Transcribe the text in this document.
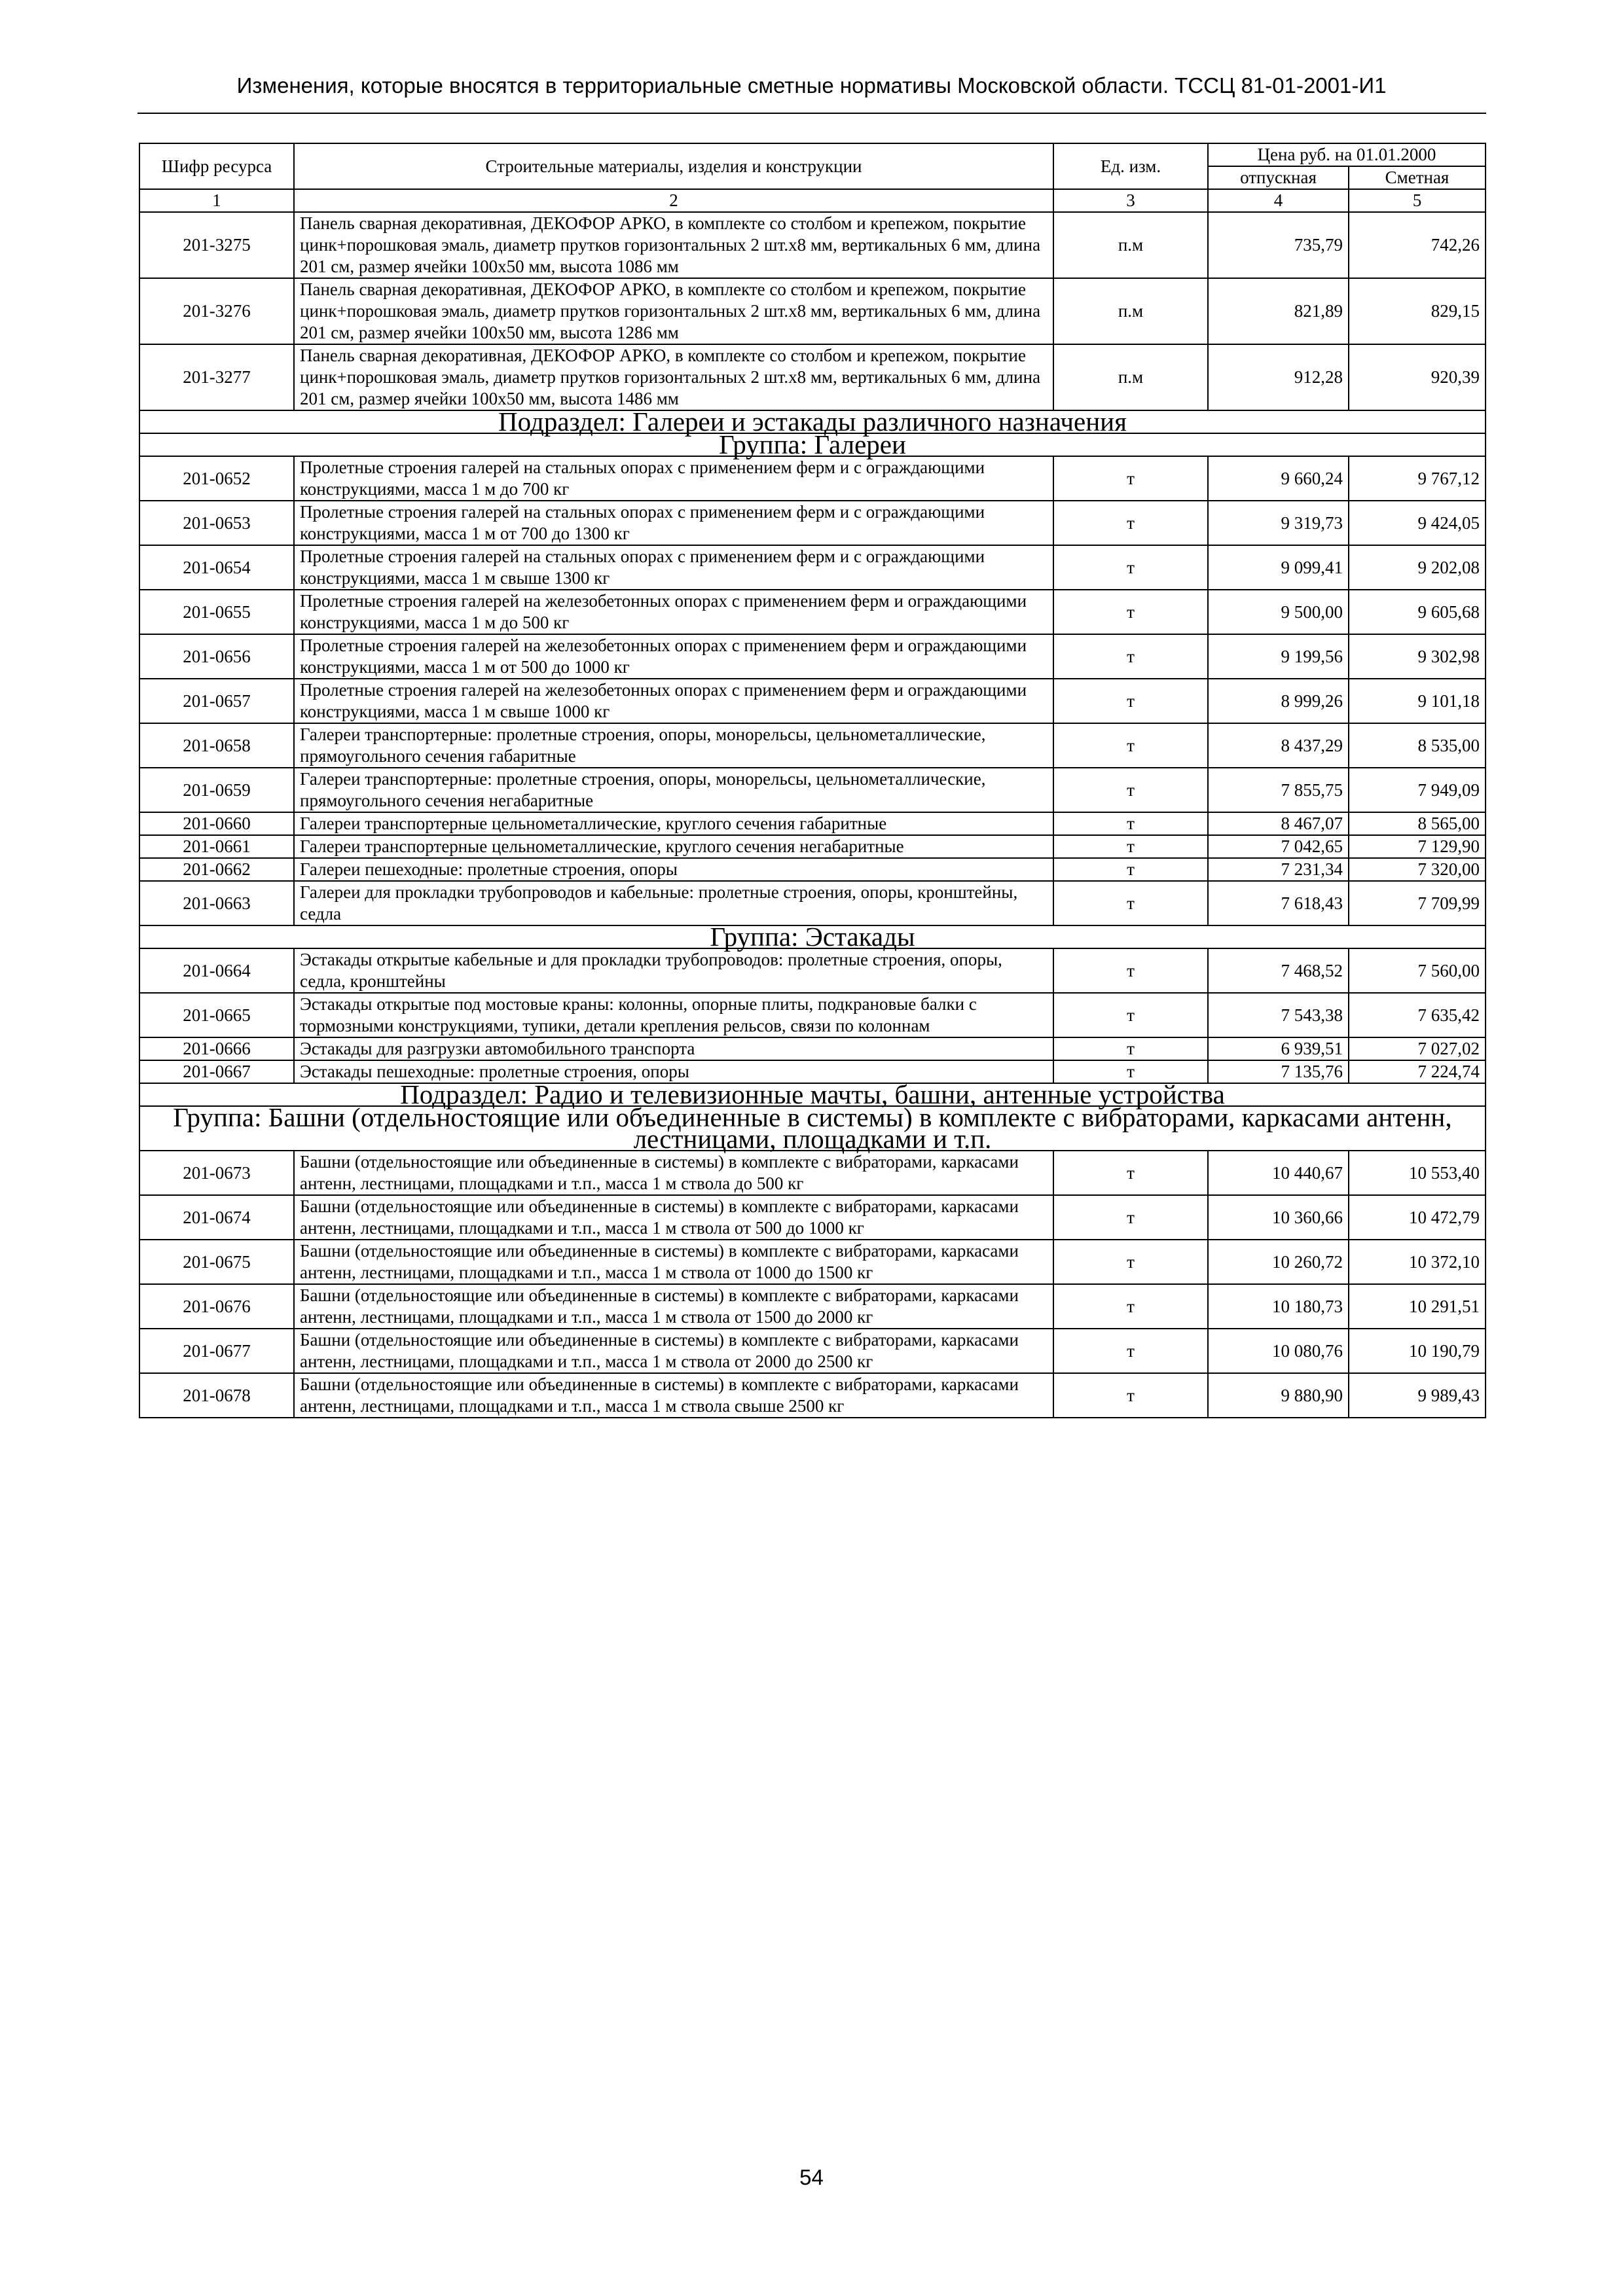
Изменения, которые вносятся в территориальные сметные нормативы Московской области. ТССЦ 81-01-2001-И1
Шифр ресурса	Строительные материалы, изделия и конструкции	Ед. изм.	Цена руб. на 01.01.2000	
			отпускная	Сметная
1	2	3	4	5
201-3275	Панель сварная декоративная, ДЕКОФОР АРКО, в комплекте со столбом и крепежом, покрытие цинк+порошковая эмаль, диаметр прутков горизонтальных 2 шт.х8 мм, вертикальных 6 мм, длина 201 см, размер ячейки 100х50 мм, высота 1086 мм	п.м	735,79	742,26
201-3276	Панель сварная декоративная, ДЕКОФОР АРКО, в комплекте со столбом и крепежом, покрытие цинк+порошковая эмаль, диаметр прутков горизонтальных 2 шт.х8 мм, вертикальных 6 мм, длина 201 см, размер ячейки 100х50 мм, высота 1286 мм	п.м	821,89	829,15
201-3277	Панель сварная декоративная, ДЕКОФОР АРКО, в комплекте со столбом и крепежом, покрытие цинк+порошковая эмаль, диаметр прутков горизонтальных 2 шт.х8 мм, вертикальных 6 мм, длина 201 см, размер ячейки 100х50 мм, высота 1486 мм	п.м	912,28	920,39
Подраздел: Галереи и эстакады различного назначения				
Группа: Галереи				
201-0652	Пролетные строения галерей на стальных опорах с применением ферм и с ограждающими конструкциями, масса 1 м до 700 кг	т	9 660,24	9 767,12
201-0653	Пролетные строения галерей на стальных опорах с применением ферм и с ограждающими конструкциями, масса 1 м от 700 до 1300 кг	т	9 319,73	9 424,05
201-0654	Пролетные строения галерей на стальных опорах с применением ферм и с ограждающими конструкциями, масса 1 м свыше 1300 кг	т	9 099,41	9 202,08
201-0655	Пролетные строения галерей на железобетонных опорах с применением ферм и ограждающими конструкциями, масса 1 м до 500 кг	т	9 500,00	9 605,68
201-0656	Пролетные строения галерей на железобетонных опорах с применением ферм и ограждающими конструкциями, масса 1 м от 500 до 1000 кг	т	9 199,56	9 302,98
201-0657	Пролетные строения галерей на железобетонных опорах с применением ферм и ограждающими конструкциями, масса 1 м свыше 1000 кг	т	8 999,26	9 101,18
201-0658	Галереи транспортерные: пролетные строения, опоры, монорельсы, цельнометаллические, прямоугольного сечения габаритные	т	8 437,29	8 535,00
201-0659	Галереи транспортерные: пролетные строения, опоры, монорельсы, цельнометаллические, прямоугольного сечения негабаритные	т	7 855,75	7 949,09
201-0660	Галереи транспортерные цельнометаллические, круглого сечения габаритные	т	8 467,07	8 565,00
201-0661	Галереи транспортерные цельнометаллические, круглого сечения негабаритные	т	7 042,65	7 129,90
201-0662	Галереи пешеходные: пролетные строения, опоры	т	7 231,34	7 320,00
201-0663	Галереи для прокладки трубопроводов и кабельные: пролетные строения, опоры, кронштейны, седла	т	7 618,43	7 709,99
Группа: Эстакады				
201-0664	Эстакады открытые кабельные и для прокладки трубопроводов: пролетные строения, опоры, седла, кронштейны	т	7 468,52	7 560,00
201-0665	Эстакады открытые под мостовые краны: колонны, опорные плиты, подкрановые балки с тормозными конструкциями, тупики, детали крепления рельсов, связи по колоннам	т	7 543,38	7 635,42
201-0666	Эстакады для разгрузки автомобильного транспорта	т	6 939,51	7 027,02
201-0667	Эстакады пешеходные: пролетные строения, опоры	т	7 135,76	7 224,74
Подраздел: Радио и телевизионные мачты, башни, антенные устройства				
Группа: Башни (отдельностоящие или объединенные в системы) в комплекте с вибраторами, каркасами антенн, лестницами, площадками и т.п.				
201-0673	Башни (отдельностоящие или объединенные в системы) в комплекте с вибраторами, каркасами антенн, лестницами, площадками и т.п., масса 1 м ствола до 500 кг	т	10 440,67	10 553,40
201-0674	Башни (отдельностоящие или объединенные в системы) в комплекте с вибраторами, каркасами антенн, лестницами, площадками и т.п., масса 1 м ствола от 500 до 1000 кг	т	10 360,66	10 472,79
201-0675	Башни (отдельностоящие или объединенные в системы) в комплекте с вибраторами, каркасами антенн, лестницами, площадками и т.п., масса 1 м ствола от 1000 до 1500 кг	т	10 260,72	10 372,10
201-0676	Башни (отдельностоящие или объединенные в системы) в комплекте с вибраторами, каркасами антенн, лестницами, площадками и т.п., масса 1 м ствола от 1500 до 2000 кг	т	10 180,73	10 291,51
201-0677	Башни (отдельностоящие или объединенные в системы) в комплекте с вибраторами, каркасами антенн, лестницами, площадками и т.п., масса 1 м ствола от 2000 до 2500 кг	т	10 080,76	10 190,79
201-0678	Башни (отдельностоящие или объединенные в системы) в комплекте с вибраторами, каркасами антенн, лестницами, площадками и т.п., масса 1 м ствола свыше 2500 кг	т	9 880,90	9 989,43
54
